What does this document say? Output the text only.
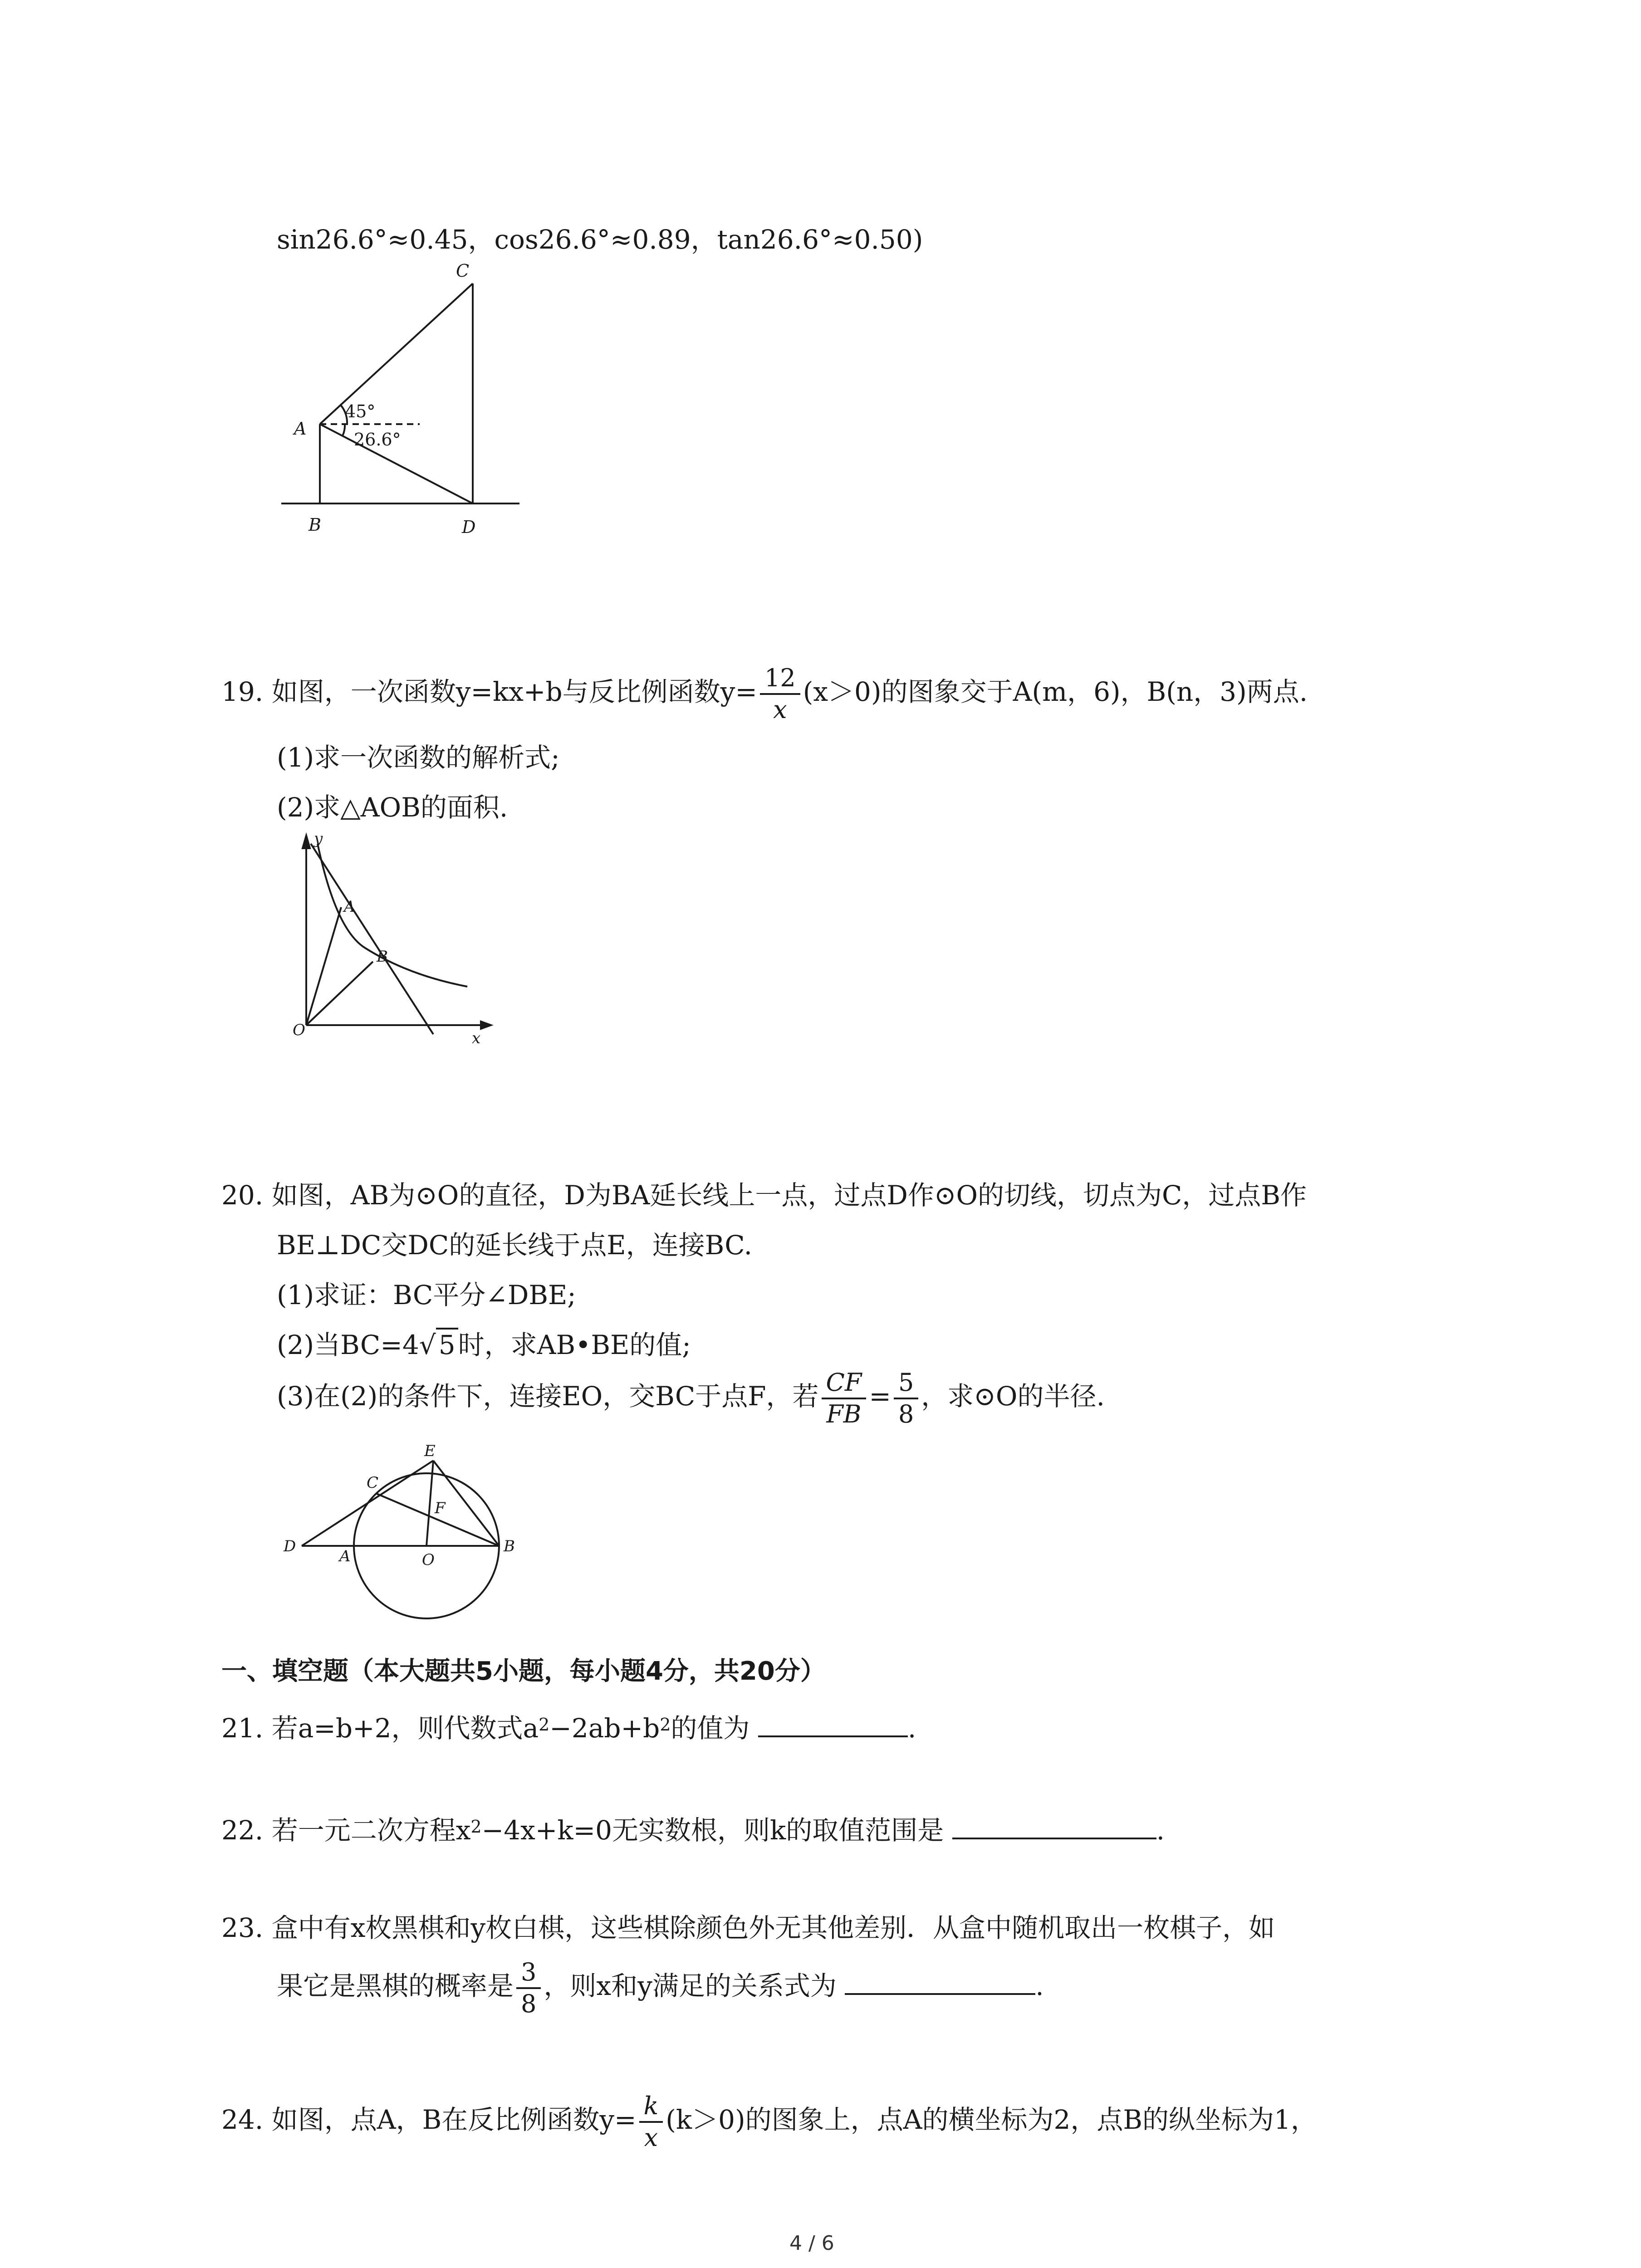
sin26.6°≈0.45，cos26.6°≈0.89，tan26.6°≈0.50)
C
A
B	D
45°
26.6°
19. 如图，一次函数y=kx+b与反比例函数$y= \frac{12}{x} (x>0)$的图象交于A(m，6)，B(n，3)两点.
(1)求一次函数的解析式;
(2)求△AOB的面积.
y
x
A
B
O
20. 如图，AB为⊙O的直径，D为BA延长线上一点，过点D作⊙O的切线，切点为C，过点B作
BE⊥DC交DC的延长线于点E，连接BC.
(1)求证：BC平分∠DBE;
(2)当BC=4√ 5 时，求AB•BE的值;
(3)在(2)的条件下，连接EO，交BC于点F，若 $\frac{CF}{FB} = \frac{5}{8}$ ，求⊙O的半径.
E
C
F
D
A	O
B
一、填空题（本大题共5小题，每小题4分，共20分）
21. 若a=b+2，则代数式$a^2-2ab+b^2$的值为	.
22. 若一元二次方程$x^2-4x+k=0$无实数根，则k的取值范围是	.
23. 盒中有x枚黑棋和y枚白棋，这些棋除颜色外无其他差别．从盒中随机取出一枚棋子，如
果它是黑棋的概率是 $\frac{3}{8}$ ，则x和y满足的关系式为	.
24. 如图，点A，B在反比例函数$y= \frac{k}{x} (k>0)$的图象上，点A的横坐标为2，点B的纵坐标为1，
4 / 6
